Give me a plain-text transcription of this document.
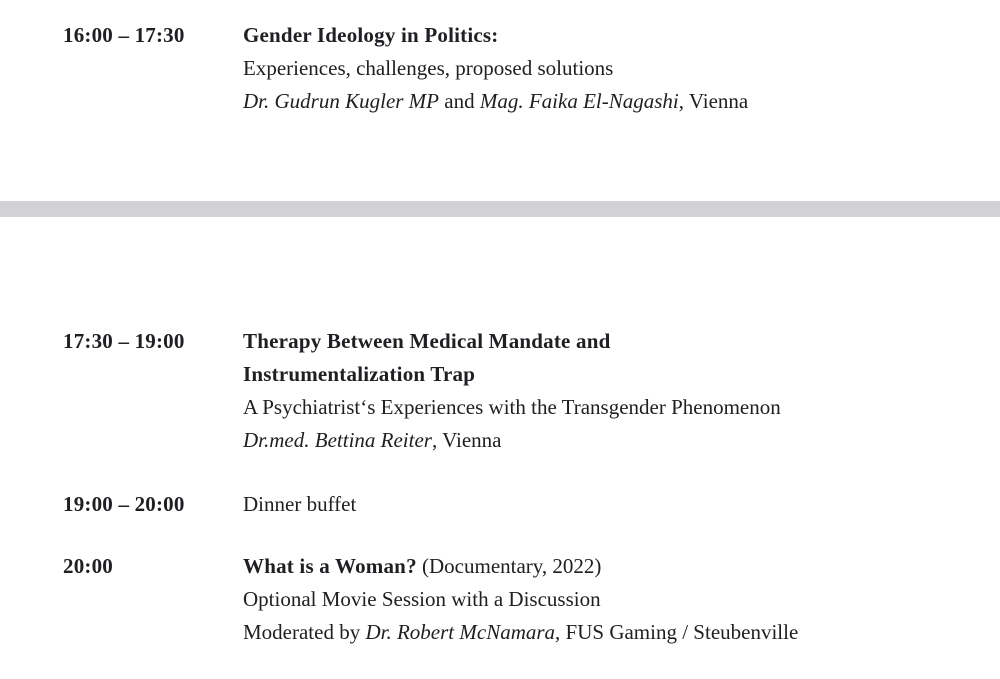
16:00 – 17:30	Gender Ideology in Politics:
Experiences, challenges, proposed solutions
Dr. Gudrun Kugler MP and Mag. Faika El-Nagashi, Vienna
17:30 – 19:00	Therapy Between Medical Mandate and
Instrumentalization Trap
A Psychiatrist‘s Experiences with the Transgender Phenomenon
Dr.med. Bettina Reiter, Vienna
19:00 – 20:00	Dinner buffet
20:00	What is a Woman? (Documentary, 2022)
Optional Movie Session with a Discussion
Moderated by Dr. Robert McNamara, FUS Gaming / Steubenville
